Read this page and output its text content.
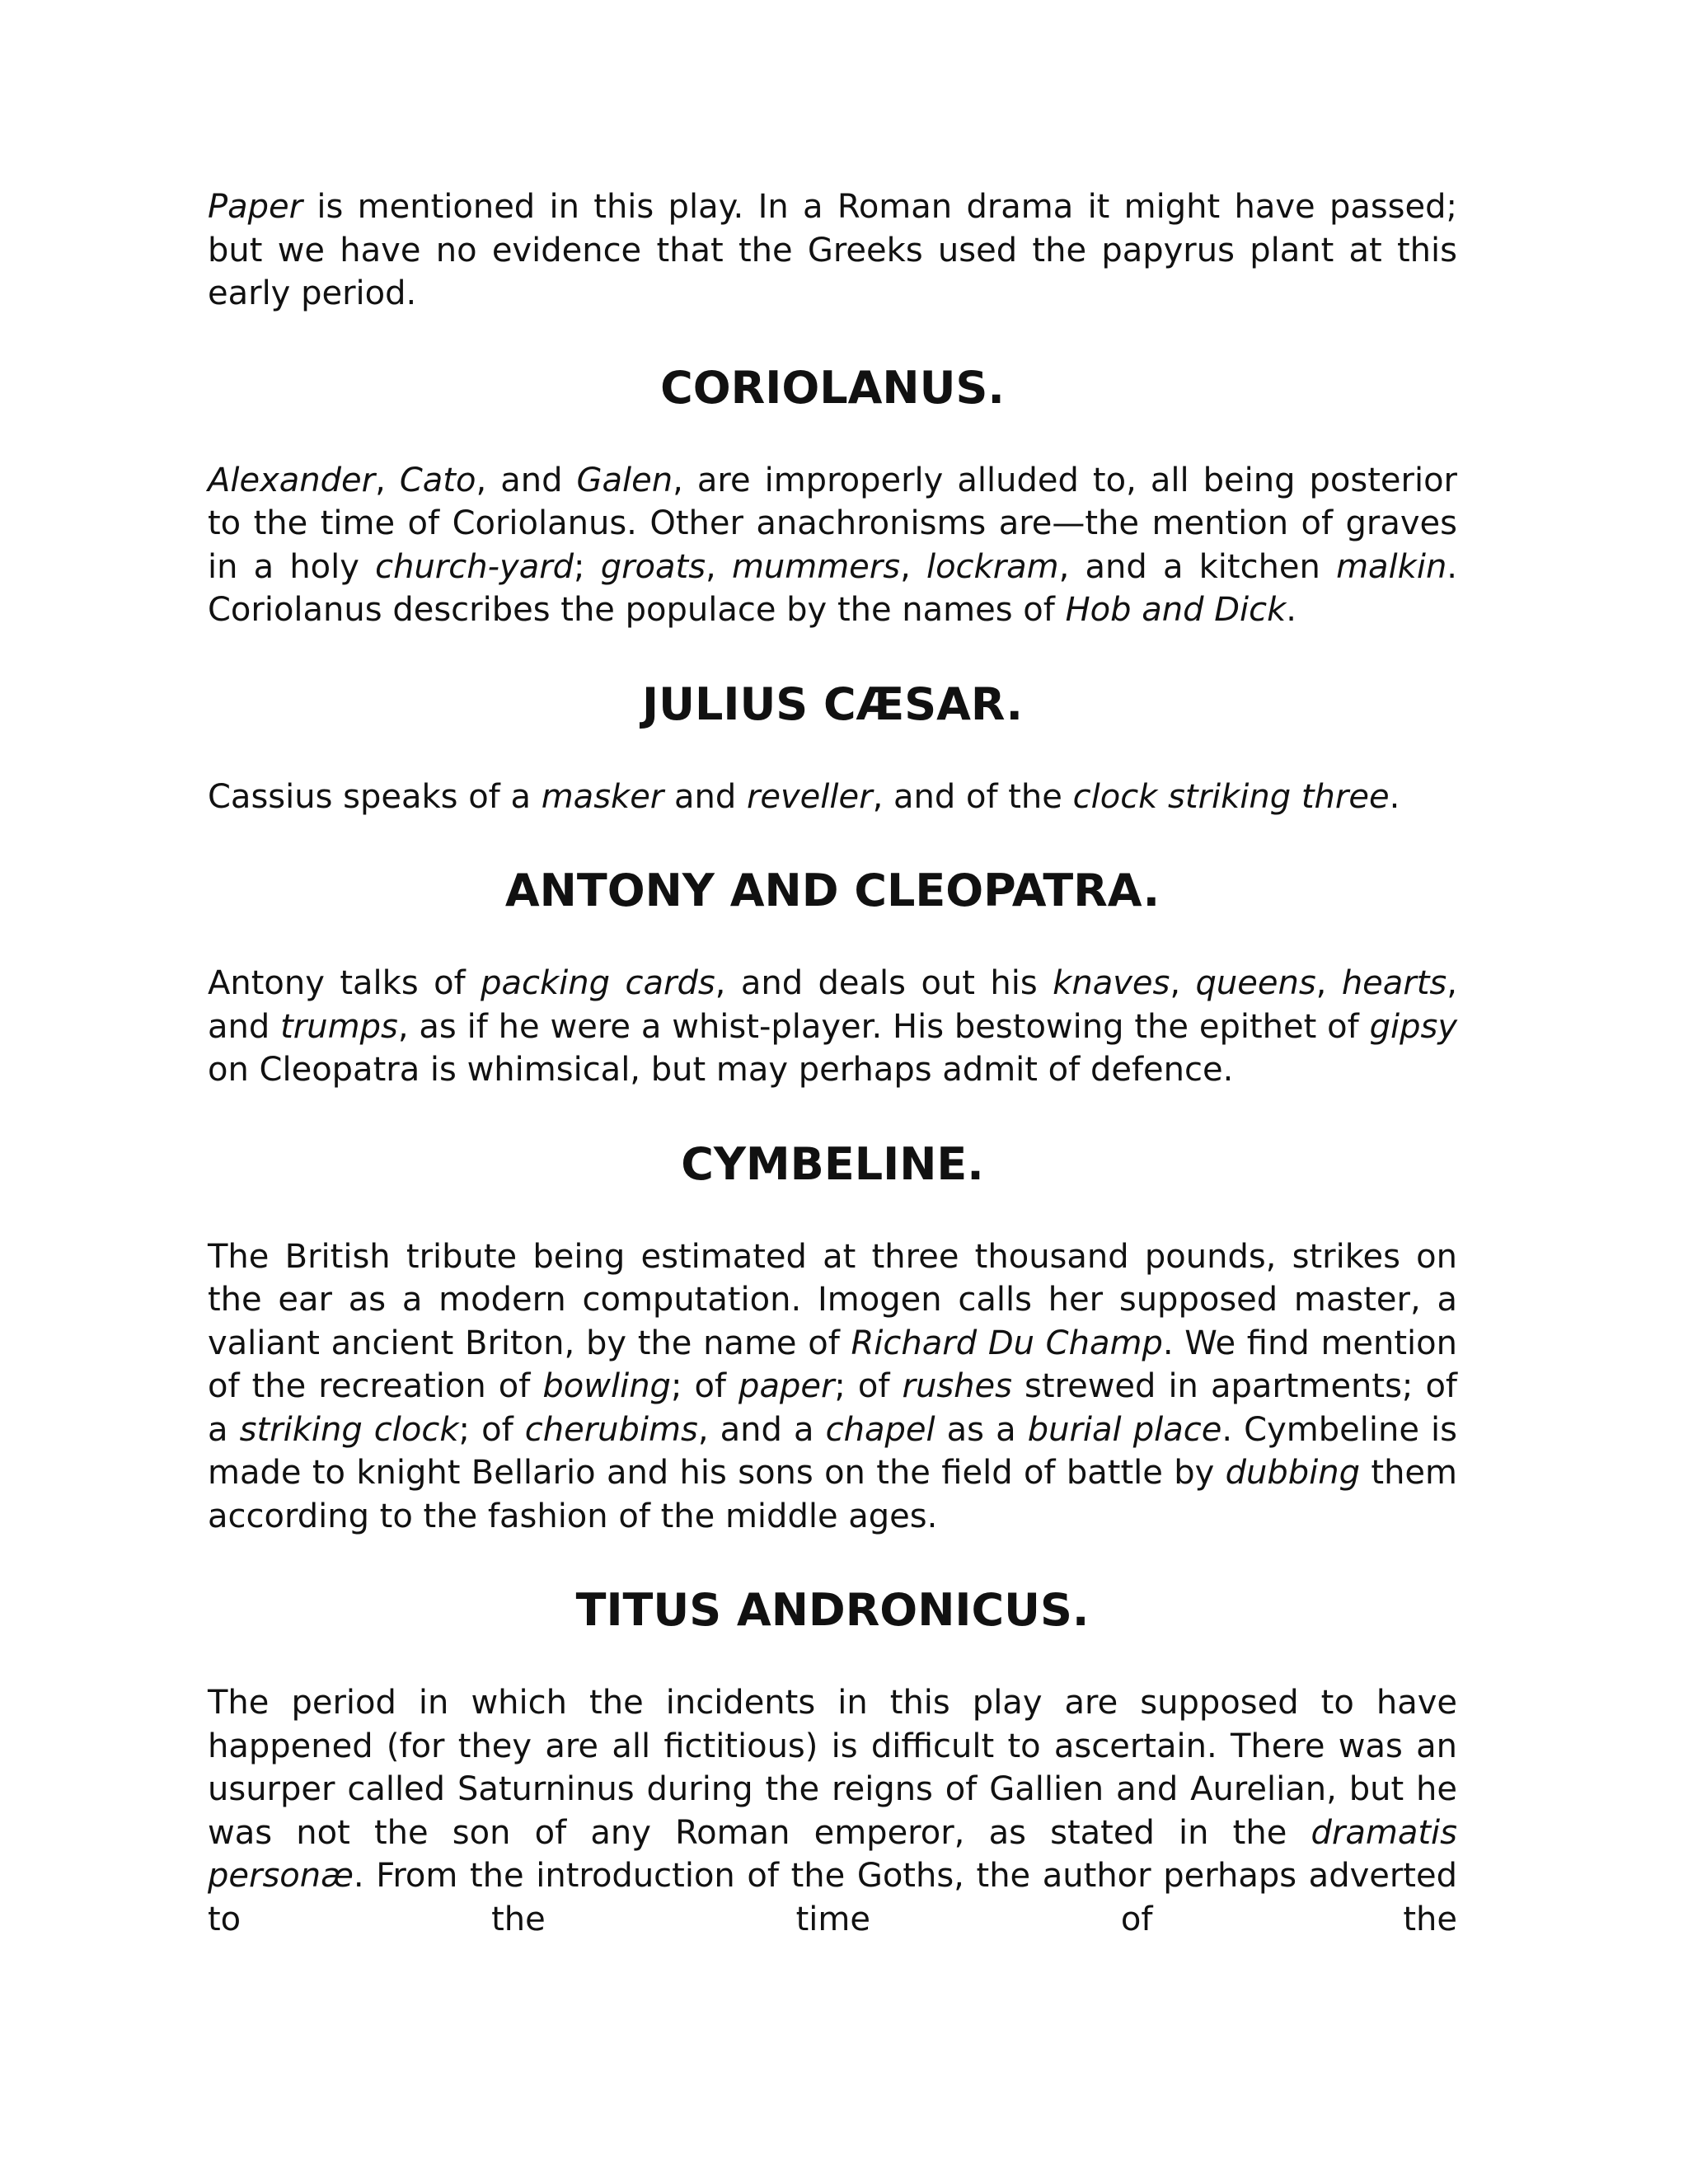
Paper is mentioned in this play. In a Roman drama it might have passed; but we have no evidence that the Greeks used the papyrus plant at this early period.

CORIOLANUS.

Alexander, Cato, and Galen, are improperly alluded to, all being posterior to the time of Coriolanus. Other anachronisms are—the mention of graves in a holy church-yard; groats, mummers, lockram, and a kitchen malkin. Coriolanus describes the populace by the names of Hob and Dick.

JULIUS CÆSAR.

Cassius speaks of a masker and reveller, and of the clock striking three.

ANTONY AND CLEOPATRA.

Antony talks of packing cards, and deals out his knaves, queens, hearts, and trumps, as if he were a whist-player. His bestowing the epithet of gipsy on Cleopatra is whimsical, but may perhaps admit of defence.

CYMBELINE.

The British tribute being estimated at three thousand pounds, strikes on the ear as a modern computation. Imogen calls her supposed master, a valiant ancient Briton, by the name of Richard Du Champ. We find mention of the recreation of bowling; of paper; of rushes strewed in apartments; of a striking clock; of cherubims, and a chapel as a burial place. Cymbeline is made to knight Bellario and his sons on the field of battle by dubbing them according to the fashion of the middle ages.

TITUS ANDRONICUS.

The period in which the incidents in this play are supposed to have happened (for they are all fictitious) is difficult to ascertain. There was an usurper called Saturninus during the reigns of Gallien and Aurelian, but he was not the son of any Roman emperor, as stated in the dramatis personæ. From the introduction of the Goths, the author perhaps adverted to the time of the
